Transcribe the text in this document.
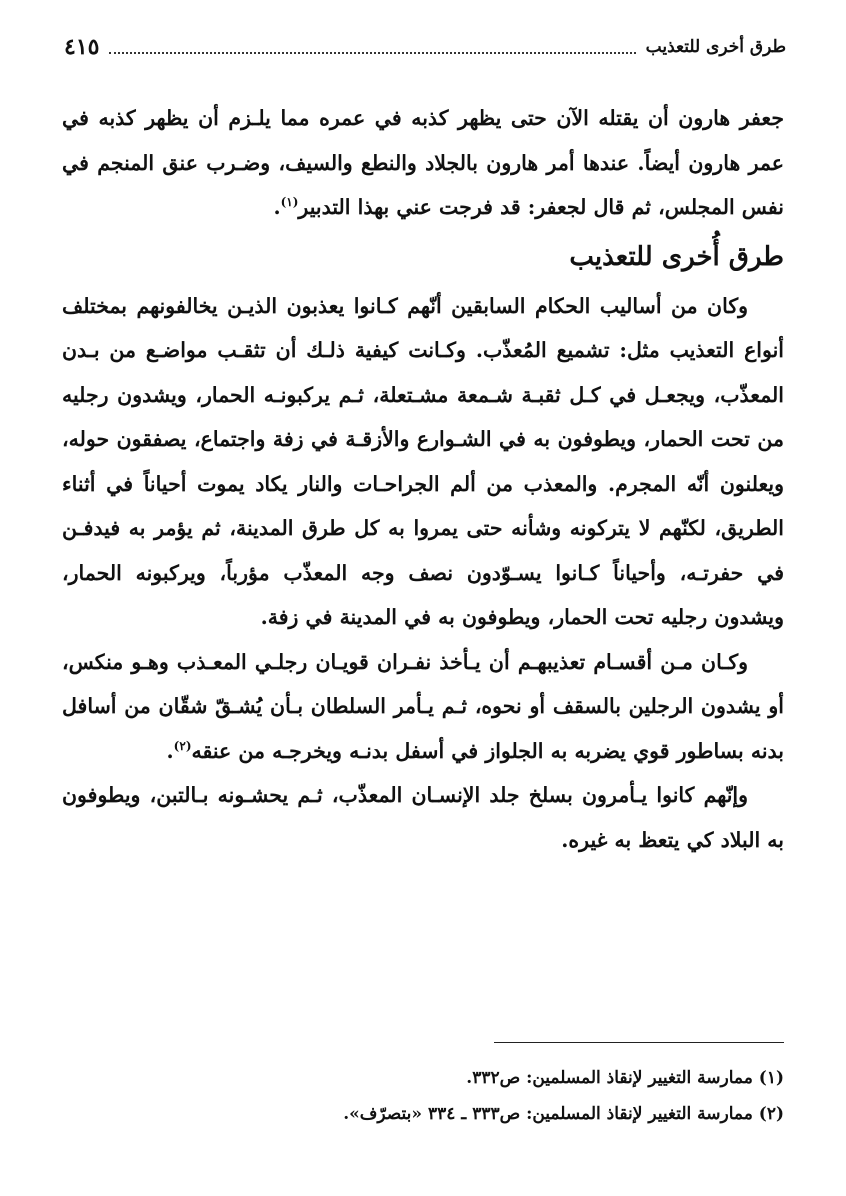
طرق أخرى للتعذيب
٤١٥

جعفر هارون أن يقتله الآن حتى يظهر كذبه في عمره مما يلـزم أن يظهر كذبه في عمر هارون أيضاً. عندها أمر هارون بالجلاد والنطع والسيف، وضـرب عنق المنجم في نفس المجلس، ثم قال لجعفر: قد فرجت عني بهذا التدبير$^{(١)}$.

طرق أُخرى للتعذيب

وكان من أساليب الحكام السابقين أنّهم كـانوا يعذبون الذيـن يخالفونهم بمختلف أنواع التعذيب مثل: تشميع المُعذّب. وكـانت كيفية ذلـك أن تثقـب مواضـع من بـدن المعذّب، ويجعـل في كـل ثقبـة شـمعة مشـتعلة، ثـم يركبونـه الحمار، ويشدون رجليه من تحت الحمار، ويطوفون به في الشـوارع والأزقـة في زفة واجتماع، يصفقون حوله، ويعلنون أنّه المجرم. والمعذب من ألم الجراحـات والنار يكاد يموت أحياناً في أثناء الطريق، لكنّهم لا يتركونه وشأنه حتى يمروا به كل طرق المدينة، ثم يؤمر به فيدفـن في حفرتـه، وأحياناً كـانوا يسـوّدون نصف وجه المعذّب مؤرباً، ويركبونه الحمار، ويشدون رجليه تحت الحمار، ويطوفون به في المدينة في زفة.

وكـان مـن أقسـام تعذيبهـم أن يـأخذ نفـران قويـان رجلـي المعـذب وهـو منكس، أو يشدون الرجلين بالسقف أو نحوه، ثـم يـأمر السلطان بـأن يُشـقّ شقّان من أسافل بدنه بساطور قوي يضربه به الجلواز في أسفل بدنـه ويخرجـه من عنقه$^{(٢)}$.

وإنّهم كانوا يـأمرون بسلخ جلد الإنسـان المعذّب، ثـم يحشـونه بـالتبن، ويطوفون به البلاد كي يتعظ به غيره.

(١) ممارسة التغيير لإنقاذ المسلمين: ص٣٣٢.

(٢) ممارسة التغيير لإنقاذ المسلمين: ص٣٣٣ ـ ٣٣٤ «بتصرّف».
